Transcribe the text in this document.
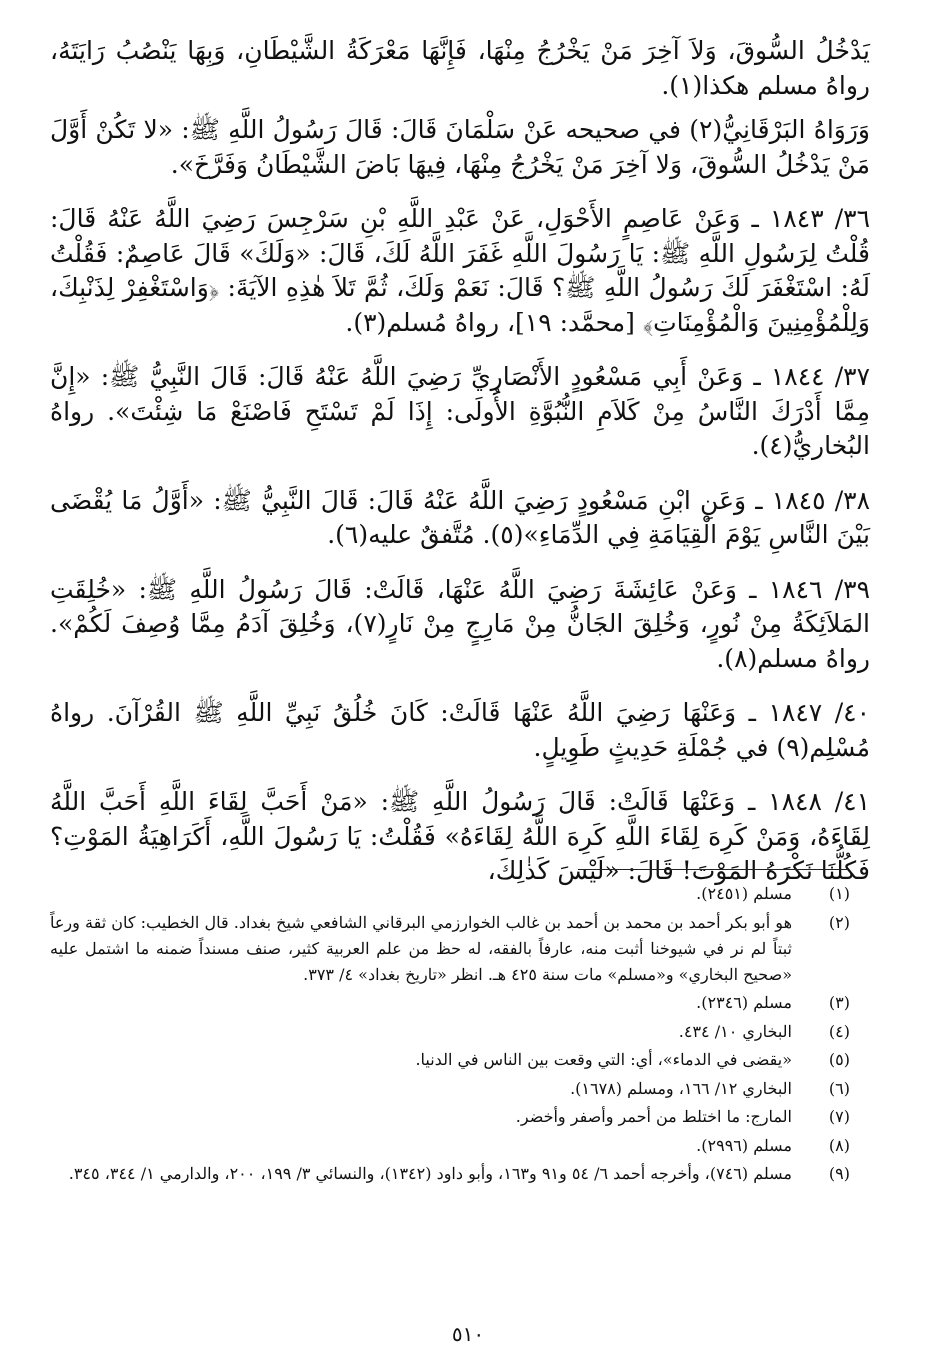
يَدْخُلُ السُّوقَ، وَلاَ آخِرَ مَنْ يَخْرُجُ مِنْهَا، فَإِنَّهَا مَعْرَكَةُ الشَّيْطَانِ، وَبِهَا يَنْصُبُ رَايَتَهُ، رواهُ مسلم هكذا(١).

وَرَوَاهُ البَرْقَانِيُّ(٢) في صحيحه عَنْ سَلْمَانَ قَالَ: قَالَ رَسُولُ اللَّهِ ﷺ: «لا تَكُنْ أَوَّلَ مَنْ يَدْخُلُ السُّوقَ، وَلا آخِرَ مَنْ يَخْرُجُ مِنْهَا، فِيهَا بَاضَ الشَّيْطَانُ وَفَرَّخَ».

٣٦/ ١٨٤٣ ـ وَعَنْ عَاصِمٍ الأَحْوَلِ، عَنْ عَبْدِ اللَّهِ بْنِ سَرْجِسَ رَضِيَ اللَّهُ عَنْهُ قَالَ: قُلْتُ لِرَسُولِ اللَّهِ ﷺ: يَا رَسُولَ اللَّهِ غَفَرَ اللَّهُ لَكَ، قَالَ: «وَلَكَ» قَالَ عَاصِمٌ: فَقُلْتُ لَهُ: اسْتَغْفَرَ لَكَ رَسُولُ اللَّهِ ﷺ؟ قَالَ: نَعَمْ وَلَكَ، ثُمَّ تَلاَ هٰذِهِ الآيَةَ: ﴿وَاسْتَغْفِرْ لِذَنْبِكَ، وَلِلْمُؤْمِنِينَ وَالْمُؤْمِنَاتِ﴾ [محمَّد: ١٩]، رواهُ مُسلم(٣).

٣٧/ ١٨٤٤ ـ وَعَنْ أَبِي مَسْعُودٍ الأَنْصَارِيِّ رَضِيَ اللَّهُ عَنْهُ قَالَ: قَالَ النَّبِيُّ ﷺ: «إِنَّ مِمَّا أَدْرَكَ النَّاسُ مِنْ كَلاَمِ النُّبُوَّةِ الأُولَى: إِذَا لَمْ تَسْتَحِ فَاصْنَعْ مَا شِئْتَ». رواهُ البُخاريُّ(٤).

٣٨/ ١٨٤٥ ـ وَعَنِ ابْنِ مَسْعُودٍ رَضِيَ اللَّهُ عَنْهُ قَالَ: قَالَ النَّبِيُّ ﷺ: «أَوَّلُ مَا يُقْضَى بَيْنَ النَّاسِ يَوْمَ الْقِيَامَةِ فِي الدِّمَاءِ»(٥). مُتَّفقٌ عليه(٦).

٣٩/ ١٨٤٦ ـ وَعَنْ عَائِشَةَ رَضِيَ اللَّهُ عَنْهَا، قَالَتْ: قَالَ رَسُولُ اللَّهِ ﷺ: «خُلِقَتِ المَلاَئِكَةُ مِنْ نُورٍ، وَخُلِقَ الجَانُّ مِنْ مَارِجٍ مِنْ نَارٍ(٧)، وَخُلِقَ آدَمُ مِمَّا وُصِفَ لَكُمْ». رواهُ مسلم(٨).

٤٠/ ١٨٤٧ ـ وَعَنْهَا رَضِيَ اللَّهُ عَنْهَا قَالَتْ: كَانَ خُلُقُ نَبِيِّ اللَّهِ ﷺ القُرْآنَ. رواهُ مُسْلِم(٩) في جُمْلَةِ حَدِيثٍ طَوِيلٍ.

٤١/ ١٨٤٨ ـ وَعَنْهَا قَالَتْ: قَالَ رَسُولُ اللَّهِ ﷺ: «مَنْ أَحَبَّ لِقَاءَ اللَّهِ أَحَبَّ اللَّهُ لِقَاءَهُ، وَمَنْ كَرِهَ لِقَاءَ اللَّهِ كَرِهَ اللَّهُ لِقَاءَهُ» فَقُلْتُ: يَا رَسُولَ اللَّهِ، أَكَرَاهِيَةُ المَوْتِ؟ فَكُلُّنَا نَكْرَهُ المَوْتَ! قَالَ: «لَيْسَ كَذٰلِكَ،

(١)
مسلم (٢٤٥١).
(٢)
هو أبو بكر أحمد بن محمد بن أحمد بن غالب الخوارزمي البرقاني الشافعي شيخ بغداد. قال الخطيب: كان ثقة ورعاً ثبتاً لم نر في شيوخنا أثبت منه، عارفاً بالفقه، له حظ من علم العربية كثير، صنف مسنداً ضمنه ما اشتمل عليه «صحيح البخاري» و«مسلم» مات سنة ٤٢٥ هـ. انظر «تاريخ بغداد» ٤/ ٣٧٣.
(٣)
مسلم (٢٣٤٦).
(٤)
البخاري ١٠/ ٤٣٤.
(٥)
«يقضى في الدماء»، أي: التي وقعت بين الناس في الدنيا.
(٦)
البخاري ١٢/ ١٦٦، ومسلم (١٦٧٨).
(٧)
المارج: ما اختلط من أحمر وأصفر وأخضر.
(٨)
مسلم (٢٩٩٦).
(٩)
مسلم (٧٤٦)، وأخرجه أحمد ٦/ ٥٤ و٩١ و١٦٣، وأبو داود (١٣٤٢)، والنسائي ٣/ ١٩٩، ٢٠٠، والدارمي ١/ ٣٤٤، ٣٤٥.
٥١٠
